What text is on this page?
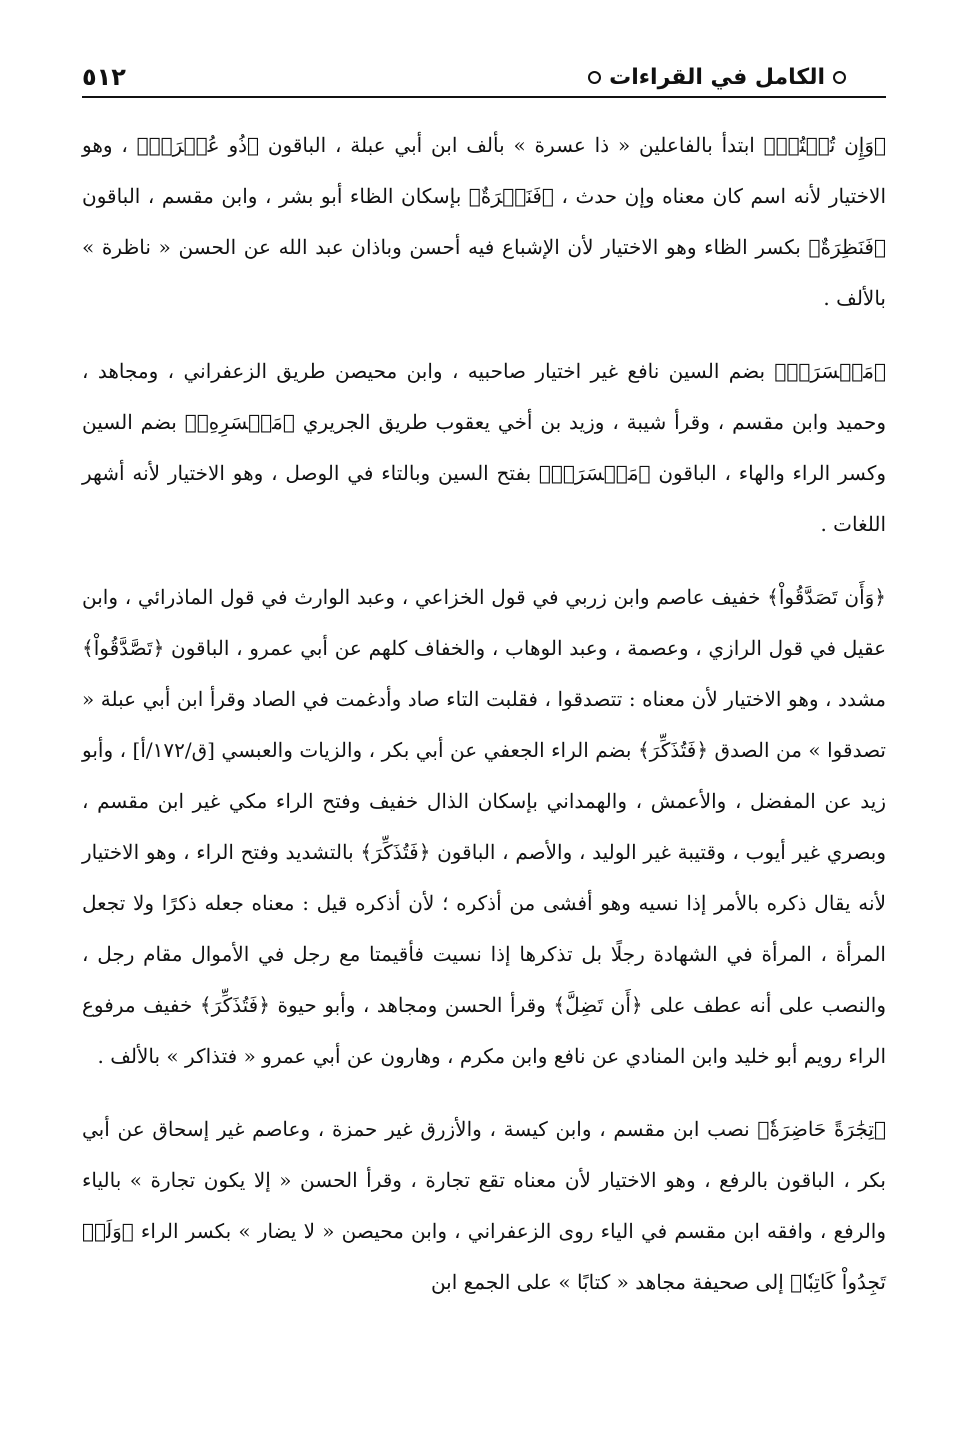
الكامل في القراءات
٥١٢

﴿وَإِن تُبۡتُمۡ﴾ ابتدأ بالفاعلين « ذا عسرة » بألف ابن أبي عبلة ، الباقون ﴿ذُو عُسۡرَةٖ﴾ ، وهو الاختيار لأنه اسم كان معناه وإن حدث ، ﴿فَنَظۡرَةٌ﴾ بإسكان الظاء أبو بشر ، وابن مقسم ، الباقون ﴿فَنَظِرَةٌ﴾ بكسر الظاء وهو الاختيار لأن الإشباع فيه أحسن وباذان عبد الله عن الحسن « ناظرة » بالألف .

﴿مَيۡسَرَةٖ﴾ بضم السين نافع غير اختيار صاحبيه ، وابن محيصن طريق الزعفراني ، ومجاهد ، وحميد وابن مقسم ، وقرأ شيبة ، وزيد بن أخي يعقوب طريق الجريري ﴿مَيۡسَرِهِۦ﴾ بضم السين وكسر الراء والهاء ، الباقون ﴿مَيۡسَرَةٖ﴾ بفتح السين وبالتاء في الوصل ، وهو الاختيار لأنه أشهر اللغات .

﴿وَأَن تَصَدَّقُواْ﴾ خفيف عاصم وابن زربي في قول الخزاعي ، وعبد الوارث في قول الماذرائي ، وابن عقيل في قول الرازي ، وعصمة ، وعبد الوهاب ، والخفاف كلهم عن أبي عمرو ، الباقون ﴿تَصَّدَّقُواْ﴾ مشدد ، وهو الاختيار لأن معناه : تتصدقوا ، فقلبت التاء صاد وأدغمت في الصاد وقرأ ابن أبي عبلة « تصدقوا » من الصدق ﴿فَتُذَكِّرَ﴾ بضم الراء الجعفي عن أبي بكر ، والزيات والعبسي [ق/١٧٢/أ] ، وأبو زيد عن المفضل ، والأعمش ، والهمداني بإسكان الذال خفيف وفتح الراء مكي غير ابن مقسم ، وبصري غير أيوب ، وقتيبة غير الوليد ، والأصم ، الباقون ﴿فَتُذَكِّرَ﴾ بالتشديد وفتح الراء ، وهو الاختيار لأنه يقال ذكره بالأمر إذا نسيه وهو أفشى من أذكره ؛ لأن أذكره قيل : معناه جعله ذكرًا ولا تجعل المرأة ، المرأة في الشهادة رجلًا بل تذكرها إذا نسيت فأقيمتا مع رجل في الأموال مقام رجل ، والنصب على أنه عطف على ﴿أَن تَضِلَّ﴾ وقرأ الحسن ومجاهد ، وأبو حيوة ﴿فَتُذَكِّرَ﴾ خفيف مرفوع الراء رويم أبو خليد وابن المنادي عن نافع وابن مكرم ، وهارون عن أبي عمرو « فتذاكر » بالألف .

﴿تِجَٰرَةً حَاضِرَةٗ﴾ نصب ابن مقسم ، وابن كيسة ، والأزرق غير حمزة ، وعاصم غير إسحاق عن أبي بكر ، الباقون بالرفع ، وهو الاختيار لأن معناه تقع تجارة ، وقرأ الحسن « إلا يكون تجارة » بالياء والرفع ، وافقه ابن مقسم في الياء روى الزعفراني ، وابن محيصن « لا يضار » بكسر الراء ﴿وَلَمۡ تَجِدُواْ كَاتِبٗا﴾ إلى صحيفة مجاهد « كتابًا » على الجمع ابن
